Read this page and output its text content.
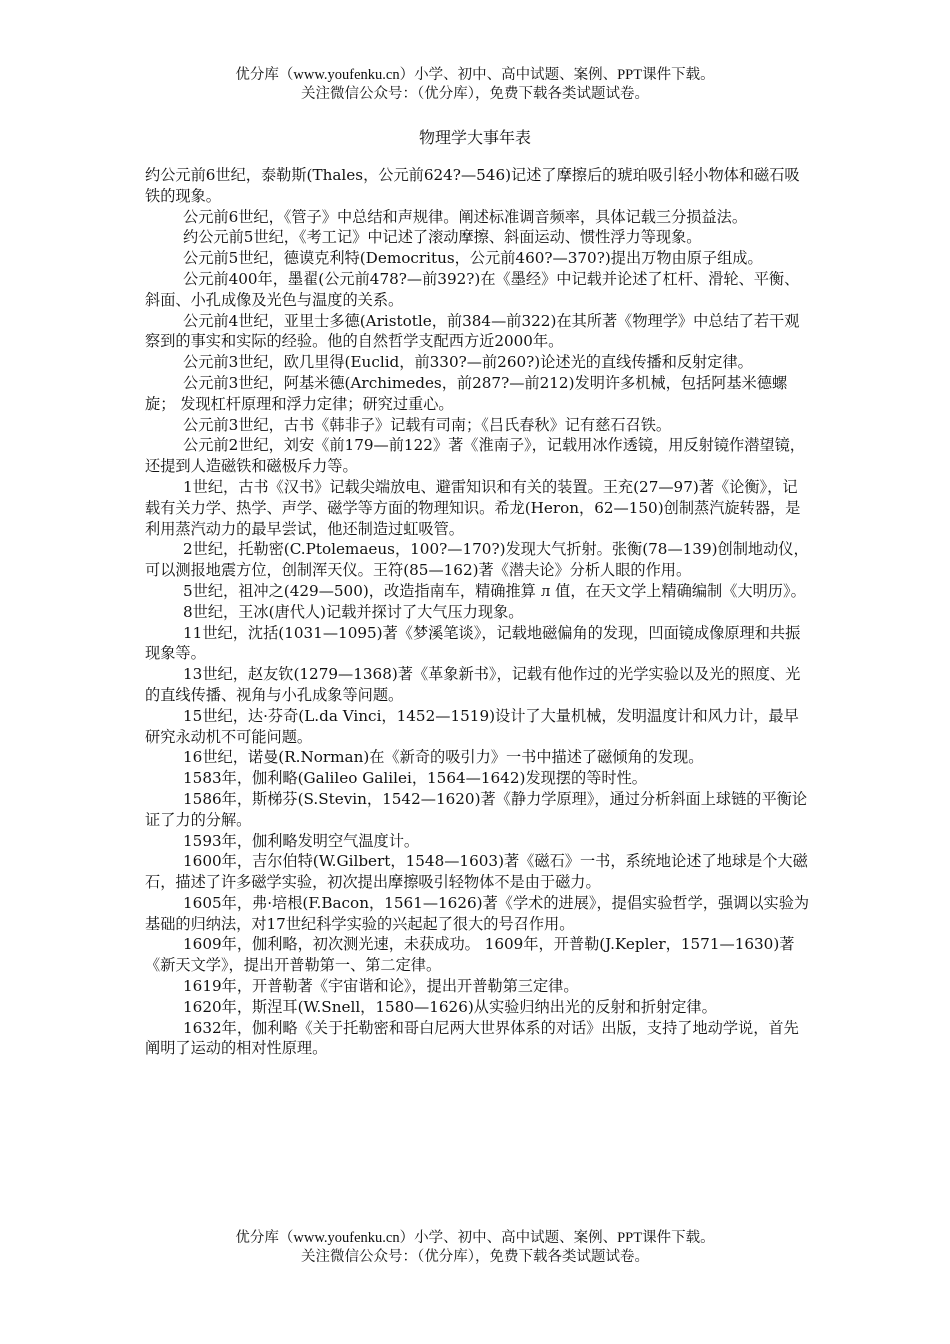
优分库（www.youfenku.cn）小学、初中、高中试题、案例、PPT课件下载。
关注微信公众号：（优分库），免费下载各类试题试卷。
物理学大事年表

约公元前6世纪，泰勒斯(Thales，公元前624?—546)记述了摩擦后的琥珀吸引轻小物体和磁石吸铁的现象。

公元前6世纪，《管子》中总结和声规律。阐述标准调音频率，具体记载三分损益法。

约公元前5世纪，《考工记》中记述了滚动摩擦、斜面运动、惯性浮力等现象。

公元前5世纪，德谟克利特(Democritus，公元前460?—370?)提出万物由原子组成。

公元前400年，墨翟(公元前478?—前392?)在《墨经》中记载并论述了杠杆、滑轮、平衡、斜面、小孔成像及光色与温度的关系。

公元前4世纪，亚里士多德(Aristotle，前384—前322)在其所著《物理学》中总结了若干观察到的事实和实际的经验。他的自然哲学支配西方近2000年。

公元前3世纪，欧几里得(Euclid，前330?—前260?)论述光的直线传播和反射定律。

公元前3世纪，阿基米德(Archimedes，前287?—前212)发明许多机械，包括阿基米德螺旋； 发现杠杆原理和浮力定律；研究过重心。

公元前3世纪，古书《韩非子》记载有司南；《吕氏春秋》记有慈石召铁。

公元前2世纪，刘安《前179—前122》著《淮南子》，记载用冰作透镜，用反射镜作潜望镜，还提到人造磁铁和磁极斥力等。

1世纪，古书《汉书》记载尖端放电、避雷知识和有关的装置。王充(27—97)著《论衡》，记载有关力学、热学、声学、磁学等方面的物理知识。希龙(Heron，62—150)创制蒸汽旋转器，是利用蒸汽动力的最早尝试，他还制造过虹吸管。

2世纪，托勒密(C.Ptolemaeus，100?—170?)发现大气折射。张衡(78—139)创制地动仪，可以测报地震方位，创制浑天仪。王符(85—162)著《潜夫论》分析人眼的作用。

5世纪，祖冲之(429—500)，改造指南车，精确推算 л 值，在天文学上精确编制《大明历》。

8世纪，王冰(唐代人)记载并探讨了大气压力现象。

11世纪，沈括(1031—1095)著《梦溪笔谈》，记载地磁偏角的发现，凹面镜成像原理和共振现象等。

13世纪，赵友钦(1279—1368)著《革象新书》，记载有他作过的光学实验以及光的照度、光的直线传播、视角与小孔成象等问题。

15世纪，达·芬奇(L.da Vinci，1452—1519)设计了大量机械，发明温度计和风力计，最早研究永动机不可能问题。

16世纪，诺曼(R.Norman)在《新奇的吸引力》一书中描述了磁倾角的发现。

1583年，伽利略(Galileo Galilei，1564—1642)发现摆的等时性。

1586年，斯梯芬(S.Stevin，1542—1620)著《静力学原理》，通过分析斜面上球链的平衡论证了力的分解。

1593年，伽利略发明空气温度计。

1600年，吉尔伯特(W.Gilbert，1548—1603)著《磁石》一书，系统地论述了地球是个大磁石，描述了许多磁学实验，初次提出摩擦吸引轻物体不是由于磁力。

1605年，弗·培根(F.Bacon，1561—1626)著《学术的进展》，提倡实验哲学，强调以实验为基础的归纳法，对17世纪科学实验的兴起起了很大的号召作用。

1609年，伽利略，初次测光速，未获成功。 1609年，开普勒(J.Kepler，1571—1630)著《新天文学》，提出开普勒第一、第二定律。

1619年，开普勒著《宇宙谐和论》，提出开普勒第三定律。

1620年，斯涅耳(W.Snell，1580—1626)从实验归纳出光的反射和折射定律。

1632年，伽利略《关于托勒密和哥白尼两大世界体系的对话》出版，支持了地动学说，首先阐明了运动的相对性原理。

优分库（www.youfenku.cn）小学、初中、高中试题、案例、PPT课件下载。
关注微信公众号：（优分库），免费下载各类试题试卷。
